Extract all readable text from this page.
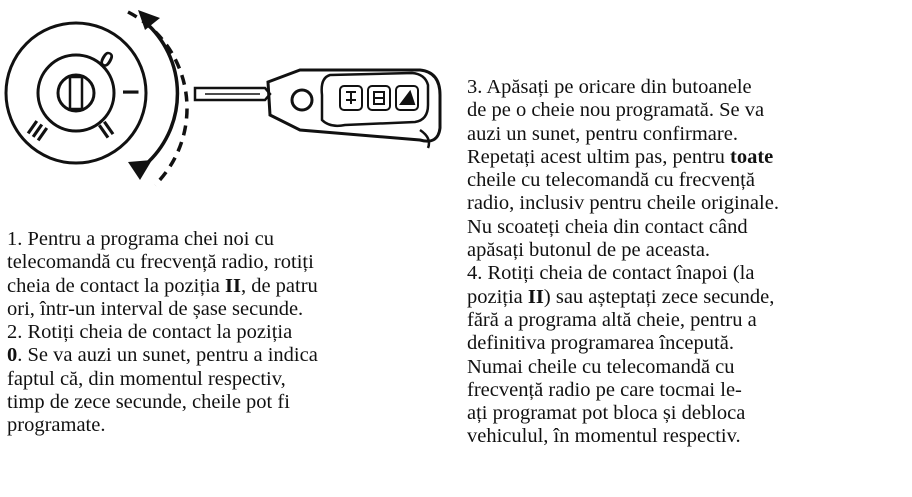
0
I
II
III
1. Pentru a programa chei noi cu
telecomandă cu frecvență radio, rotiți
cheia de contact la poziția II, de patru
ori, într-un interval de șase secunde.
2. Rotiți cheia de contact la poziția
0. Se va auzi un sunet, pentru a indica
faptul că, din momentul respectiv,
timp de zece secunde, cheile pot fi
programate.
3. Apăsați pe oricare din butoanele
de pe o cheie nou programată. Se va
auzi un sunet, pentru confirmare.
Repetați acest ultim pas, pentru toate
cheile cu telecomandă cu frecvență
radio, inclusiv pentru cheile originale.
Nu scoateți cheia din contact când
apăsați butonul de pe aceasta.
4. Rotiți cheia de contact înapoi (la
poziția II) sau așteptați zece secunde,
fără a programa altă cheie, pentru a
definitiva programarea începută.
Numai cheile cu telecomandă cu
frecvență radio pe care tocmai le-
ați programat pot bloca și debloca
vehiculul, în momentul respectiv.
